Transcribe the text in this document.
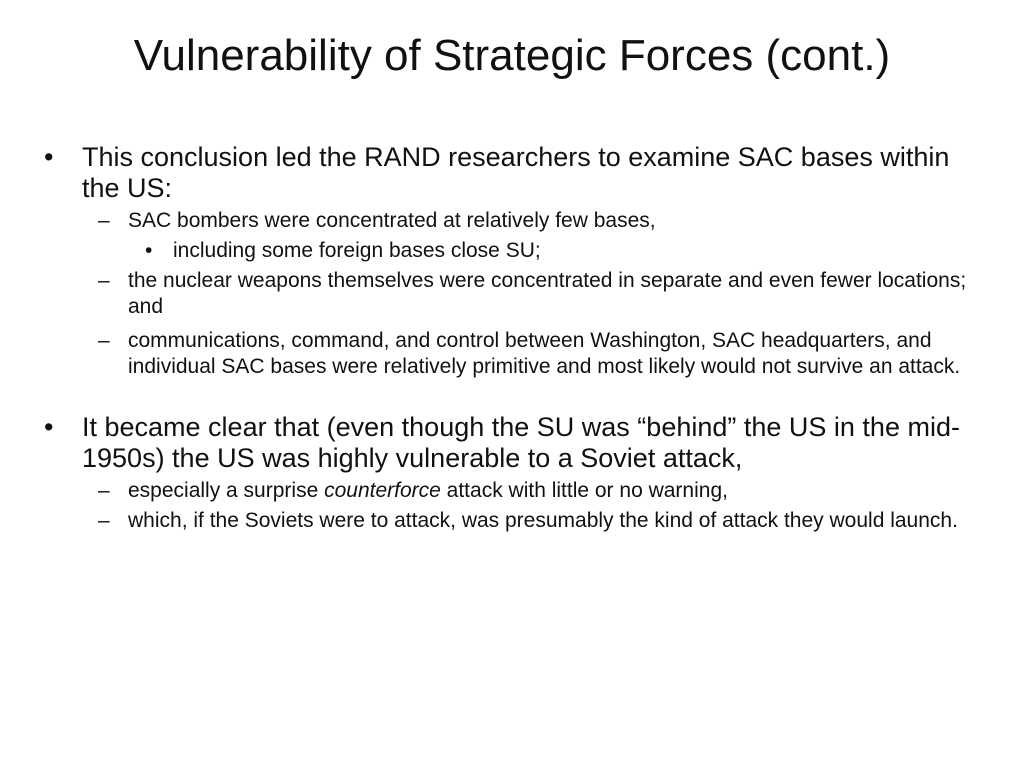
Vulnerability of Strategic Forces (cont.)
• This conclusion led the RAND researchers to examine SAC bases within the US:
– SAC bombers were concentrated at relatively few bases,
• including some foreign bases close SU;
– the nuclear weapons themselves were concentrated in separate and even fewer locations; and
– communications, command, and control between Washington, SAC headquarters, and individual SAC bases were relatively primitive and most likely would not survive an attack.
• It became clear that (even though the SU was “behind” the US in the mid-1950s) the US was highly vulnerable to a Soviet attack,
– especially a surprise counterforce attack with little or no warning,
– which, if the Soviets were to attack, was presumably the kind of attack they would launch.
